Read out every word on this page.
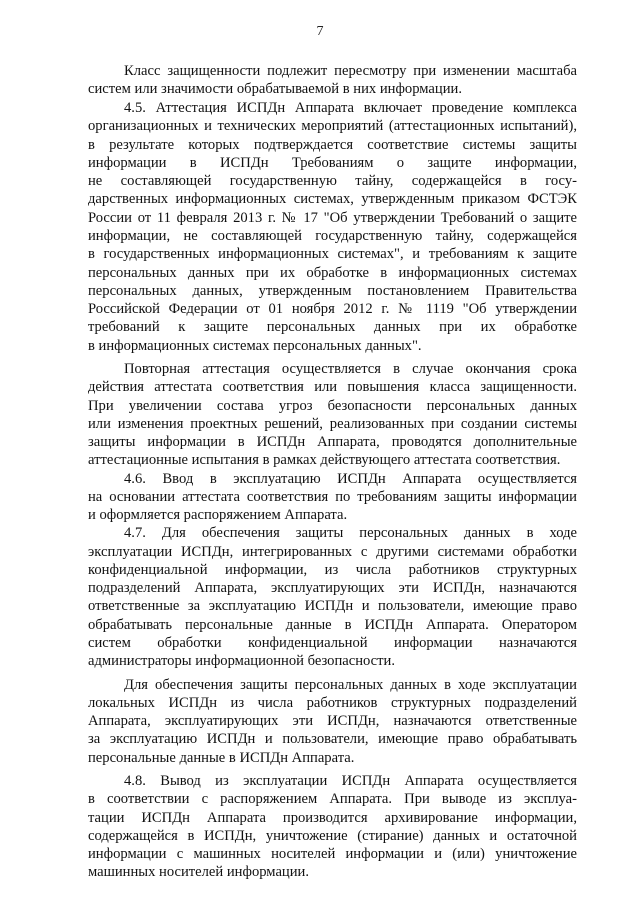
7
Класс защищенности подлежит пересмотру при изменении масштаба
систем или значимости обрабатываемой в них информации.
4.5. Аттестация ИСПДн Аппарата включает проведение комплекса
организационных и технических мероприятий (аттестационных испытаний),
в результате которых подтверждается соответствие системы защиты
информации в ИСПДн Требованиям о защите информации,
не составляющей государственную тайну, содержащейся в госу-
дарственных информационных системах, утвержденным приказом ФСТЭК
России от 11 февраля 2013 г. № 17 "Об утверждении Требований о защите
информации, не составляющей государственную тайну, содержащейся
в государственных информационных системах", и требованиям к защите
персональных данных при их обработке в информационных системах
персональных данных, утвержденным постановлением Правительства
Российской Федерации от 01 ноября 2012 г. № 1119 "Об утверждении
требований к защите персональных данных при их обработке
в информационных системах персональных данных".
Повторная аттестация осуществляется в случае окончания срока
действия аттестата соответствия или повышения класса защищенности.
При увеличении состава угроз безопасности персональных данных
или изменения проектных решений, реализованных при создании системы
защиты информации в ИСПДн Аппарата, проводятся дополнительные
аттестационные испытания в рамках действующего аттестата соответствия.
4.6. Ввод в эксплуатацию ИСПДн Аппарата осуществляется
на основании аттестата соответствия по требованиям защиты информации
и оформляется распоряжением Аппарата.
4.7. Для обеспечения защиты персональных данных в ходе
эксплуатации ИСПДн, интегрированных с другими системами обработки
конфиденциальной информации, из числа работников структурных
подразделений Аппарата, эксплуатирующих эти ИСПДн, назначаются
ответственные за эксплуатацию ИСПДн и пользователи, имеющие право
обрабатывать персональные данные в ИСПДн Аппарата. Оператором
систем обработки конфиденциальной информации назначаются
администраторы информационной безопасности.
Для обеспечения защиты персональных данных в ходе эксплуатации
локальных ИСПДн из числа работников структурных подразделений
Аппарата, эксплуатирующих эти ИСПДн, назначаются ответственные
за эксплуатацию ИСПДн и пользователи, имеющие право обрабатывать
персональные данные в ИСПДн Аппарата.
4.8. Вывод из эксплуатации ИСПДн Аппарата осуществляется
в соответствии с распоряжением Аппарата. При выводе из эксплуа-
тации ИСПДн Аппарата производится архивирование информации,
содержащейся в ИСПДн, уничтожение (стирание) данных и остаточной
информации с машинных носителей информации и (или) уничтожение
машинных носителей информации.
